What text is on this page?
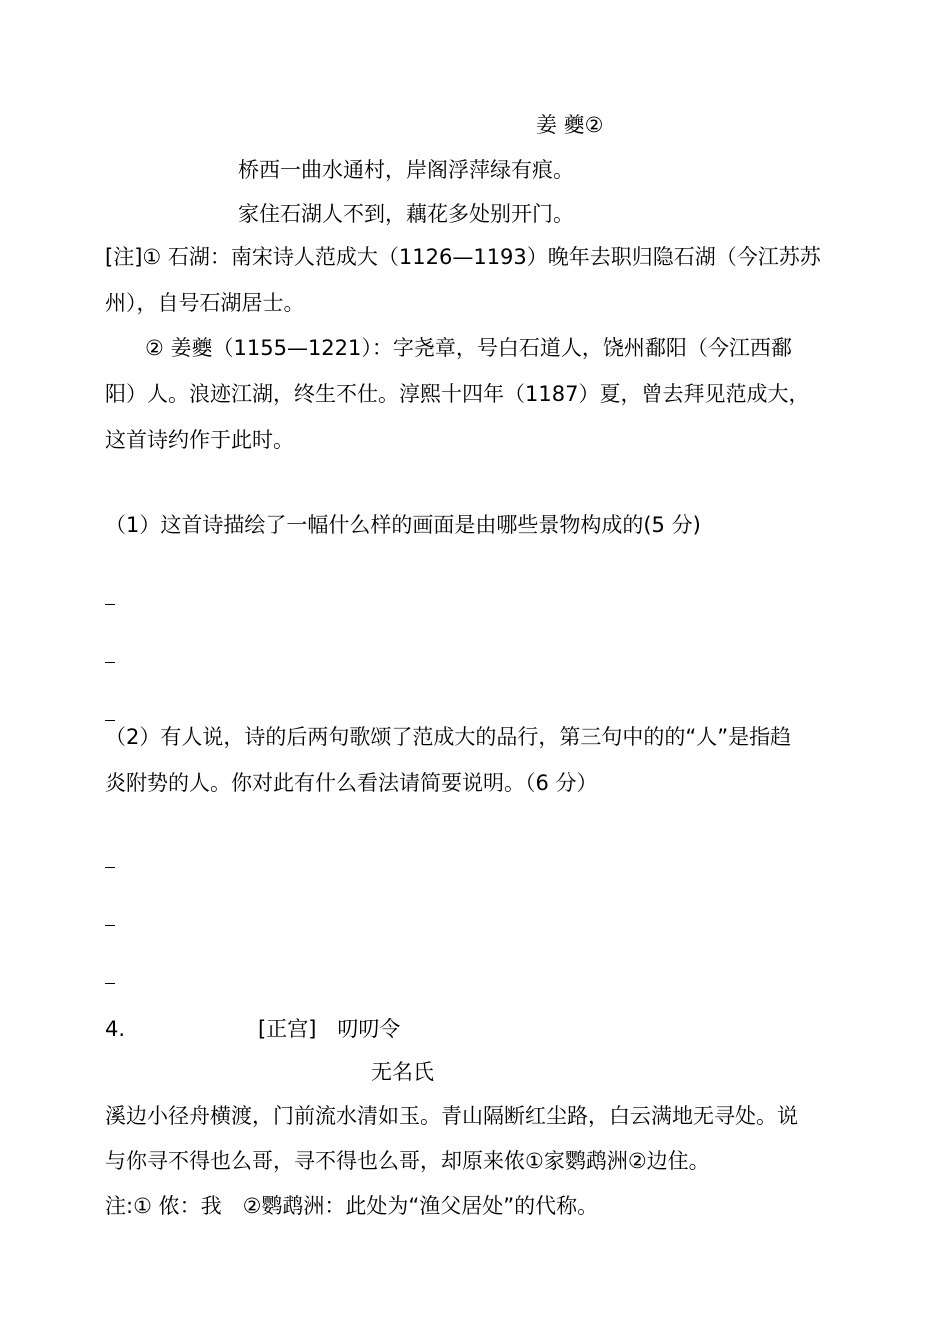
姜 夔②
桥西一曲水通村，岸阁浮萍绿有痕。
家住石湖人不到，藕花多处别开门。
[注]① 石湖：南宋诗人范成大（1126—1193）晚年去职归隐石湖（今江苏苏
州），自号石湖居士。
② 姜夔（1155—1221）：字尧章，号白石道人，饶州鄱阳（今江西鄱
阳）人。浪迹江湖，终生不仕。淳熙十四年（1187）夏，曾去拜见范成大，
这首诗约作于此时。
（1）这首诗描绘了一幅什么样的画面是由哪些景物构成的(5 分)
（2）有人说，诗的后两句歌颂了范成大的品行，第三句中的的“人”是指趋
炎附势的人。你对此有什么看法请简要说明。（6 分）
4.	[正宫]　叨叨令
无名氏
溪边小径舟横渡，门前流水清如玉。青山隔断红尘路，白云满地无寻处。说
与你寻不得也么哥，寻不得也么哥，却原来侬①家鹦鹉洲②边住。
注:① 侬：我　②鹦鹉洲：此处为“渔父居处”的代称。
